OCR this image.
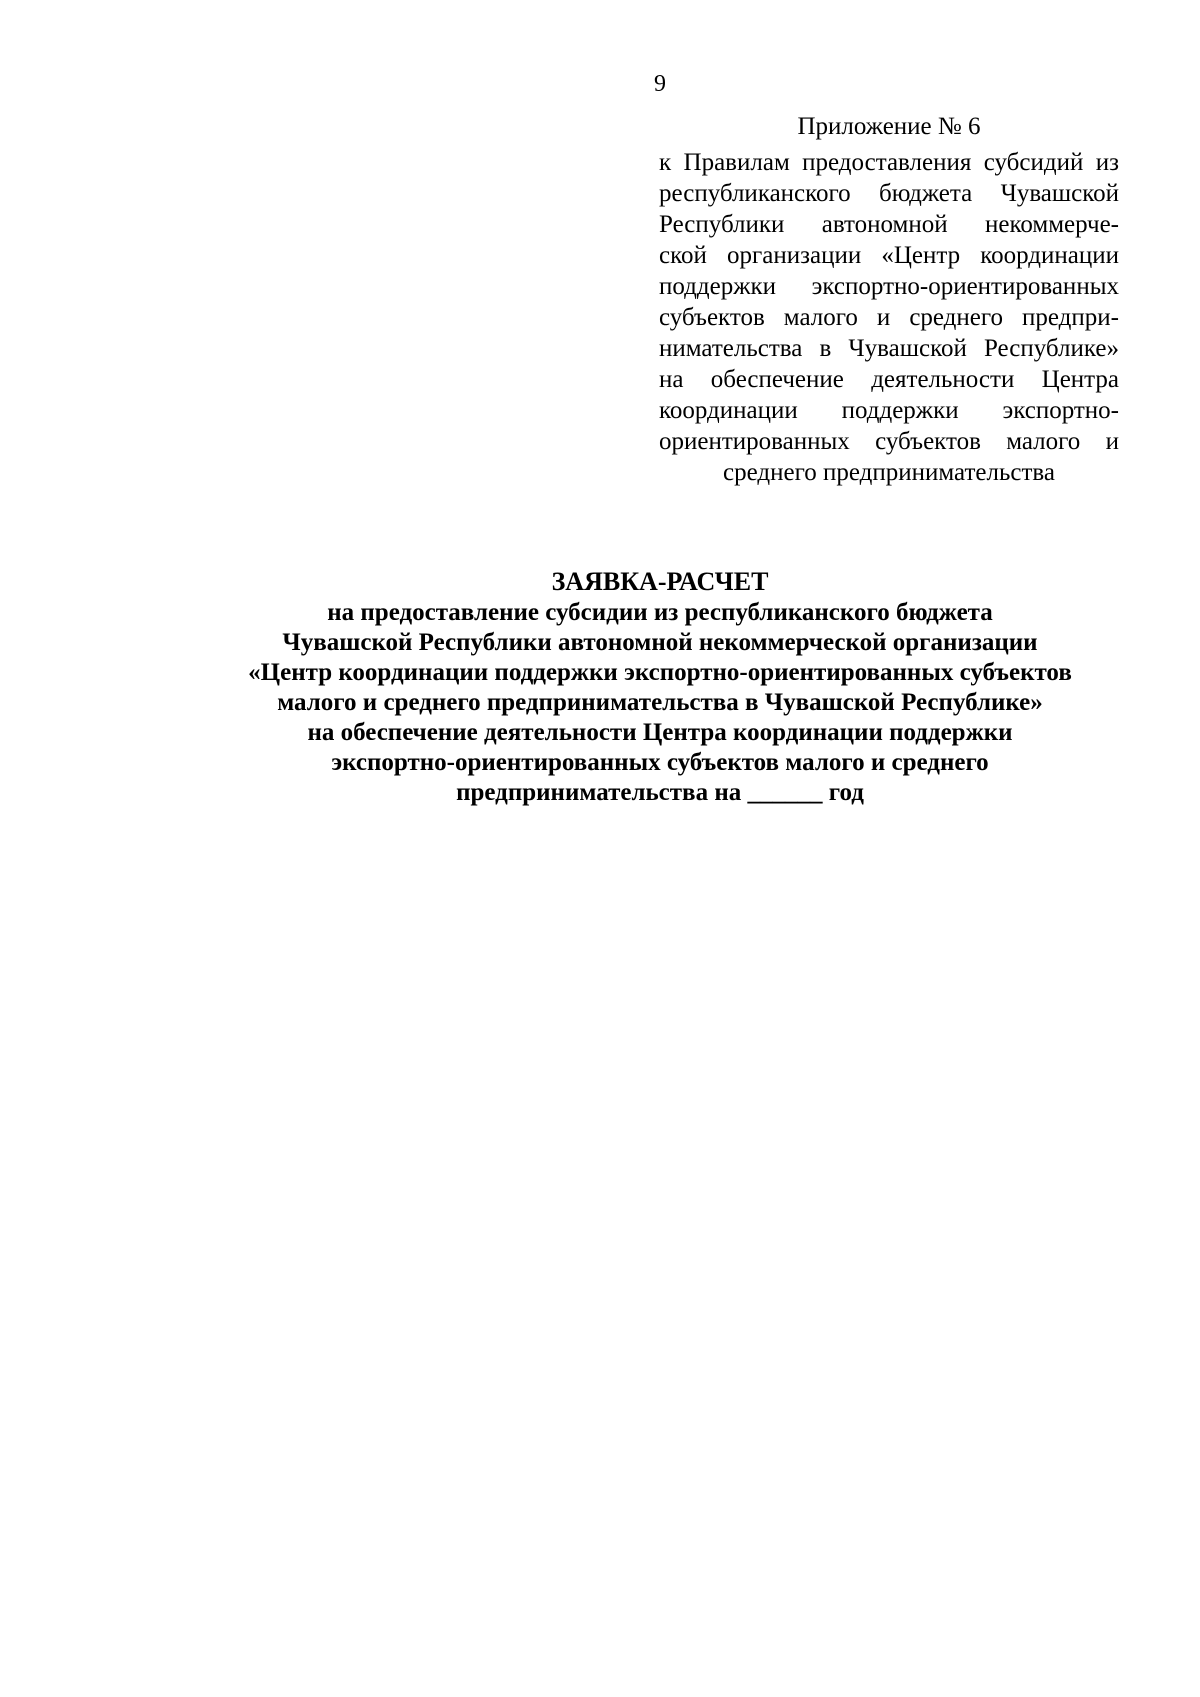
9
Приложение № 6
к Правилам предоставления субсидий из
республиканского бюджета Чувашской
Республики автономной некоммерче-
ской организации «Центр координации
поддержки экспортно-ориентированных
субъектов малого и среднего предпри-
нимательства в Чувашской Республике»
на обеспечение деятельности Центра
координации поддержки экспортно-
ориентированных субъектов малого и
среднего предпринимательства
ЗАЯВКА-РАСЧЕТ
на предоставление субсидии из республиканского бюджета
Чувашской Республики автономной некоммерческой организации
«Центр координации поддержки экспортно-ориентированных субъектов
малого и среднего предпринимательства в Чувашской Республике»
на обеспечение деятельности Центра координации поддержки
экспортно-ориентированных субъектов малого и среднего
предпринимательства на ______ год
